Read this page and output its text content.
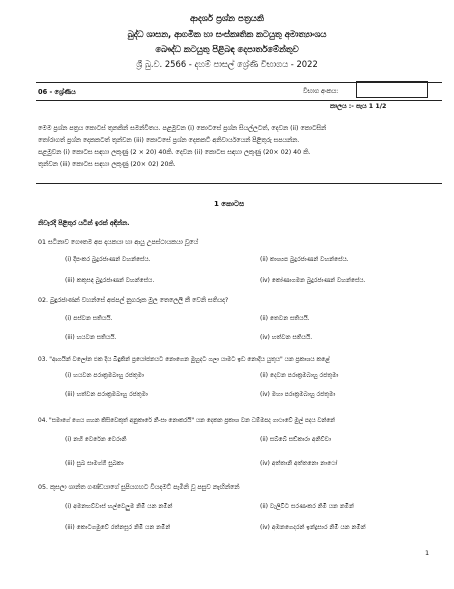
ආදර්ශ ප්‍රශ්න පත්‍රයකි
බුද්ධ ශාසන, ආගමික හා සංස්කෘතික කටයුතු අමාත්‍යාංශය
බෞද්ධ කටයුතු පිළිබඳ දෙපාර්තමේන්තුව
ශ්‍රී බු.ව. 2566 - දහම් පාසල් ශ්‍රේණි විභාගය - 2022
06 - ශ්‍රේණිය	විභාග අංකය:
කාලය :- පැය 1 1/2
මෙම ප්‍රශ්න පත්‍රය කොටස් තුනකින් සමන්විතය. පළමුවන (i) කොටසේ ප්‍රශ්න සියල්ලටත්, දෙවන (ii) කොටසින්
තෝරාගත් ප්‍රශ්න දෙකකටත් තුන්වන (iii) කොටසේ ප්‍රශ්න දෙකකට් අනිවාර්යයෙන් පිළිතුරු සපයන්න.
පළමුවන (i) කොටස සඳහා ලකුණු (2 × 20) 40කි. දෙවන (ii) කොටස සඳහා ලකුණු (20× 02) 40 කි.
තුන්වන (iii) කොටස සඳහා ලකුණු (20× 02) 20කි.
1 කොටස
නිවැරදි පිළිතුර යටින් ඉරක් අඳින්න.
01 සටීනාව ගෞතම අප දායකයා හා ආයු උපස්ථායකයා වූයේ
(i) දීපංකර බුදුරජාණන් වහන්සේය.	(ii) කාශ්‍යප බුදුරජාණන් වහන්සේය.
(iii) කකුසඳ බුදුරජාණන් වහන්සේය.	(iv) කෝණාගමන බුදුරජාණන් වහන්සේය.
02. බුදුරජාණන් වහන්සේ අජපල් නුගරුක මුල තෙලෙලි කී වෙනි සතියද?
(i) පස්වන සතියයි.	(ii) තෙවන සතියයි.
(iii) හයවන සතියයි.	(iv) හත්වන සතියයි.
03. "ආගයින් වලෝන එක දිය බිඳුකින් ප්‍රයෝජනයට නොගෙන මුහුදට ගලා යාමට ඉඩ නොදිය යුතුය" යන ප්‍රකාශය කළේ
(i) හයවන පරාක්‍රමබාහු රජතුමා	(ii) දෙවන පරාක්‍රමබාහු රජතුමා
(iii) හත්වන පරාක්‍රමබාහු රජතුමා	(iv) මහා පරාක්‍රමබාහු රජතුමා
04. "සමාගේ ගෙය ගහන කිසිවෙකුත් අනුකාරේ නී-සා නොකරයි" යන දෙකන ප්‍රකාශ වන ධම්මපද ගාථාවේ මුල් පදය වන්නේ
(i) නහි වෙරේන වෙරානි	(ii) සබ්බේ සඞ්කාරා අනිච්චා
(iii) සුඛ සාමග්ගී සුඛකා	(iv) අත්තානි අත්තනො නාථෝ
05. කුසලා ශාන්ත ගණ්ඩයාගේ සුපියගහට වියදමට් පැමිනි වූ පසුව නැඟින්නේ
(i) අමනභව්වාස් හල්වෙලුම නිමි යන නමින්	(ii) වැලිවිට සරණංකර නිමි යන නමින්
(iii) කොටගමුවේ රත්නසූර නිමි යන නමින්	(iv) අඹනගෙදරන් ඉන්ද්‍රසාර නිමි යන නමින්
1
